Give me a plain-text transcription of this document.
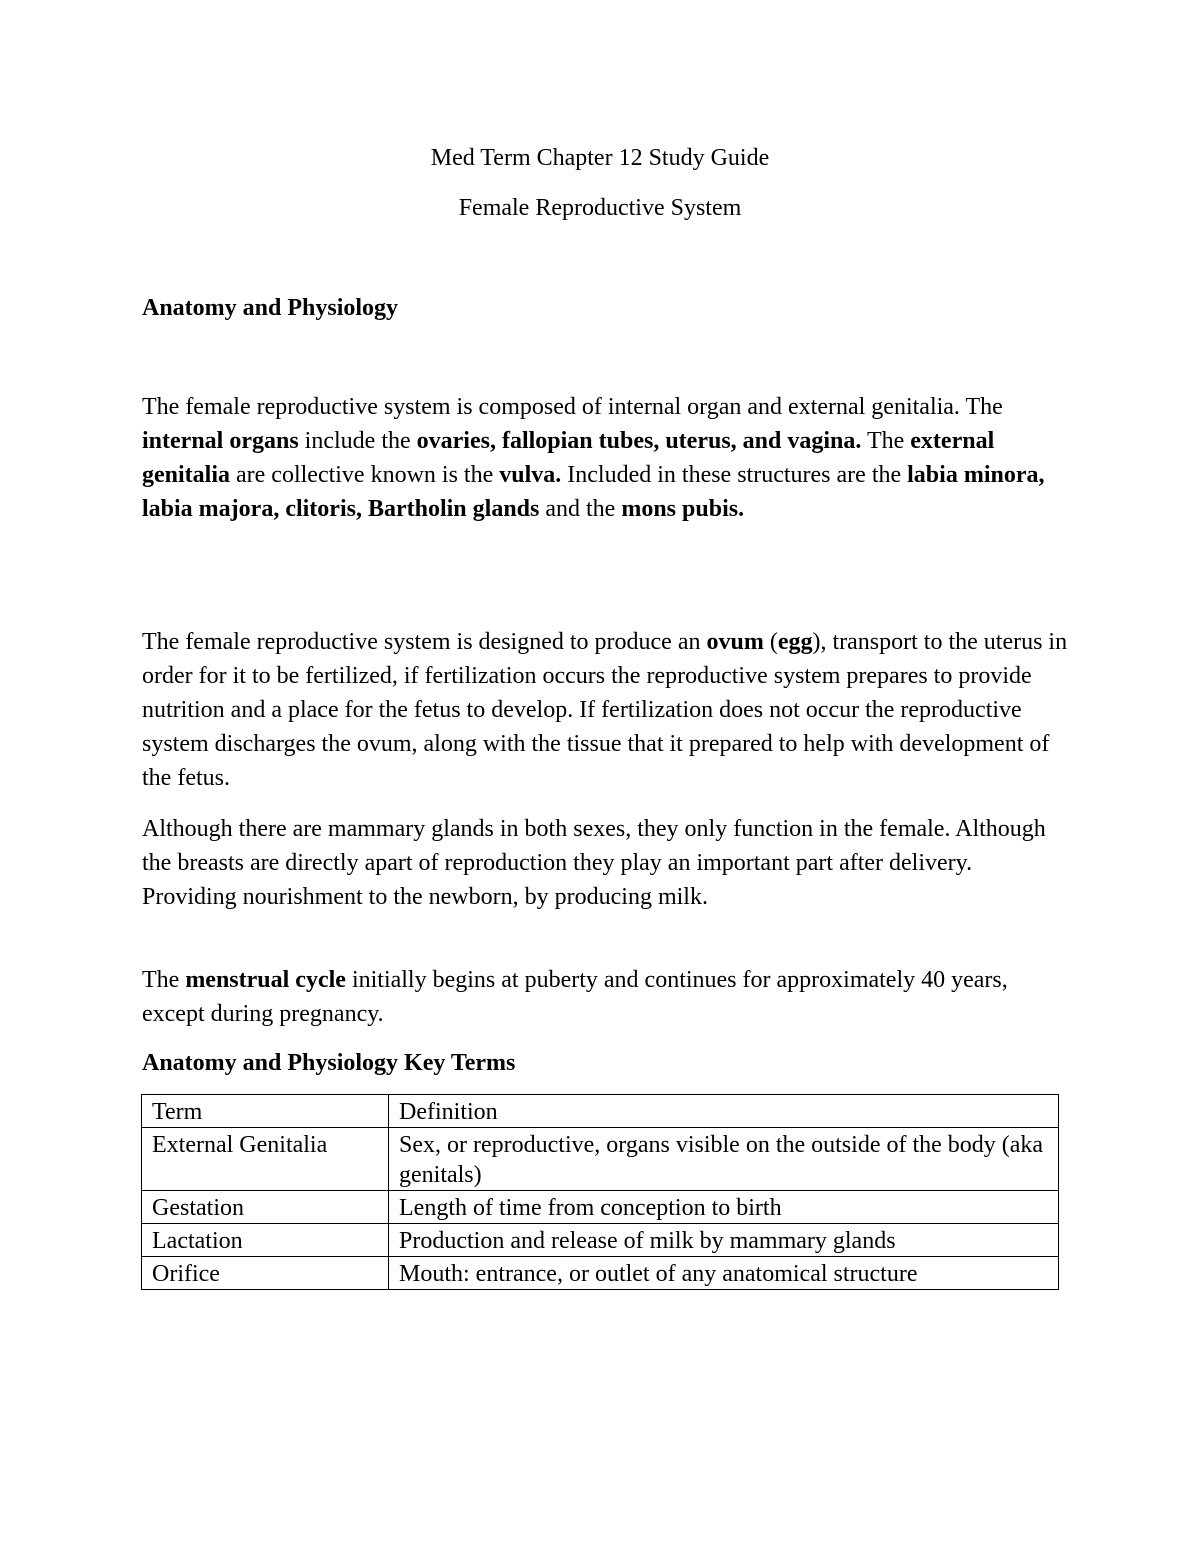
Med Term Chapter 12 Study Guide
Female Reproductive System
Anatomy and Physiology
The female reproductive system is composed of internal organ and external genitalia. The internal organs include the ovaries, fallopian tubes, uterus, and vagina. The external genitalia are collective known is the vulva. Included in these structures are the labia minora, labia majora, clitoris, Bartholin glands and the mons pubis.
The female reproductive system is designed to produce an ovum (egg), transport to the uterus in order for it to be fertilized, if fertilization occurs the reproductive system prepares to provide nutrition and a place for the fetus to develop. If fertilization does not occur the reproductive system discharges the ovum, along with the tissue that it prepared to help with development of the fetus.
Although there are mammary glands in both sexes, they only function in the female. Although the breasts are directly apart of reproduction they play an important part after delivery. Providing nourishment to the newborn, by producing milk.
The menstrual cycle initially begins at puberty and continues for approximately 40 years, except during pregnancy.
Anatomy and Physiology Key Terms
Term	Definition
External Genitalia	Sex, or reproductive, organs visible on the outside of the body (aka genitals)
Gestation	Length of time from conception to birth
Lactation	Production and release of milk by mammary glands
Orifice	Mouth: entrance, or outlet of any anatomical structure
